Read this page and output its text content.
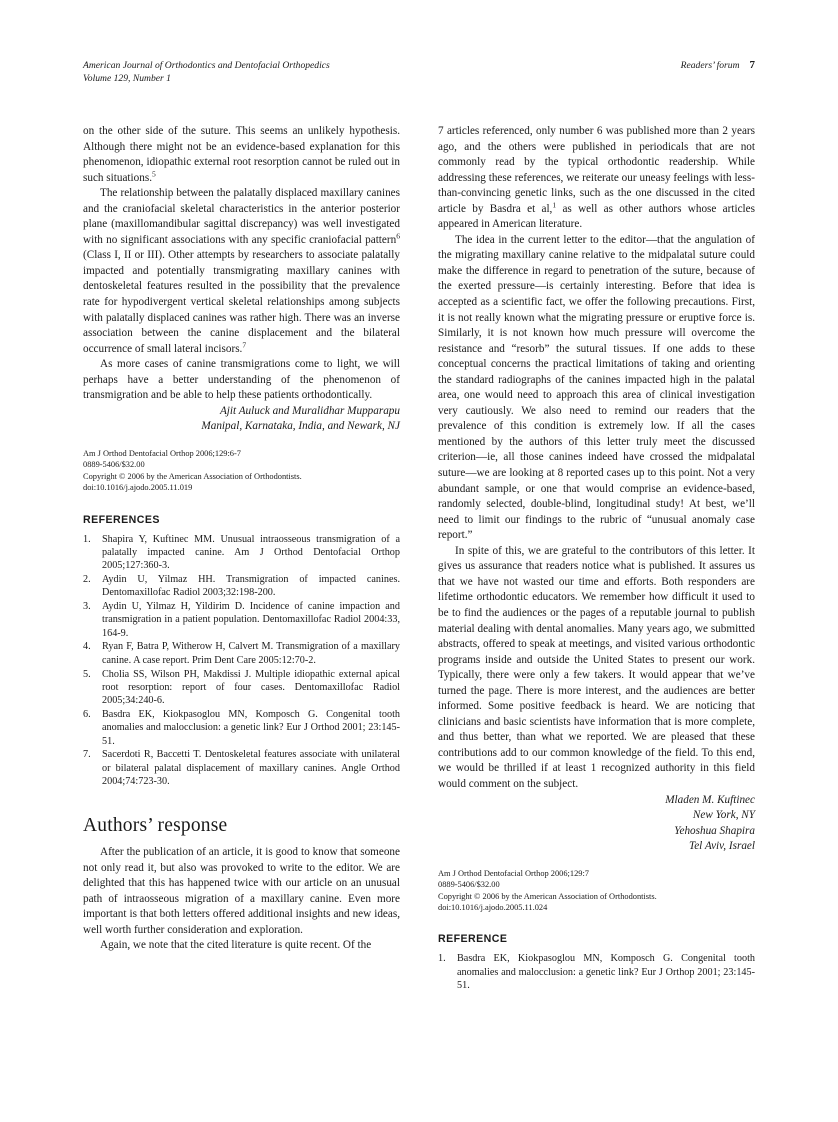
American Journal of Orthodontics and Dentofacial Orthopedics	Readers’ forum 7
Volume 129, Number 1

on the other side of the suture. This seems an unlikely hypothesis. Although there might not be an evidence-based explanation for this phenomenon, idiopathic external root resorption cannot be ruled out in such situations.$^5$

The relationship between the palatally displaced maxillary canines and the craniofacial skeletal characteristics in the anterior posterior plane (maxillomandibular sagittal discrepancy) was well investigated with no significant associations with any specific craniofacial pattern$^6$ (Class I, II or III). Other attempts by researchers to associate palatally impacted and potentially transmigrating maxillary canines with dentoskeletal features resulted in the possibility that the prevalence rate for hypodivergent vertical skeletal relationships among subjects with palatally displaced canines was rather high. There was an inverse association between the canine displacement and the bilateral occurrence of small lateral incisors.$^7$

As more cases of canine transmigrations come to light, we will perhaps have a better understanding of the phenomenon of transmigration and be able to help these patients orthodontically.

Ajit Auluck and Muralidhar Mupparapu
Manipal, Karnataka, India, and Newark, NJ
Am J Orthod Dentofacial Orthop 2006;129:6-7
0889-5406/$32.00
Copyright © 2006 by the American Association of Orthodontists.
doi:10.1016/j.ajodo.2005.11.019
REFERENCES
1.	Shapira Y, Kuftinec MM. Unusual intraosseous transmigration of a palatally impacted canine. Am J Orthod Dentofacial Orthop 2005;127:360-3.
2.	Aydin U, Yilmaz HH. Transmigration of impacted canines. Dentomaxillofac Radiol 2003;32:198-200.
3.	Aydin U, Yilmaz H, Yildirim D. Incidence of canine impaction and transmigration in a patient population. Dentomaxillofac Radiol 2004:33, 164-9.
4.	Ryan F, Batra P, Witherow H, Calvert M. Transmigration of a maxillary canine. A case report. Prim Dent Care 2005:12:70-2.
5.	Cholia SS, Wilson PH, Makdissi J. Multiple idiopathic external apical root resorption: report of four cases. Dentomaxillofac Radiol 2005;34:240-6.
6.	Basdra EK, Kiokpasoglou MN, Komposch G. Congenital tooth anomalies and malocclusion: a genetic link? Eur J Orthod 2001; 23:145-51.
7.	Sacerdoti R, Baccetti T. Dentoskeletal features associate with unilateral or bilateral palatal displacement of maxillary canines. Angle Orthod 2004;74:723-30.
Authors’ response

After the publication of an article, it is good to know that someone not only read it, but also was provoked to write to the editor. We are delighted that this has happened twice with our article on an unusual path of intraosseous migration of a maxillary canine. Even more important is that both letters offered additional insights and new ideas, well worth further consideration and exploration.

Again, we note that the cited literature is quite recent. Of the

7 articles referenced, only number 6 was published more than 2 years ago, and the others were published in periodicals that are not commonly read by the typical orthodontic readership. While addressing these references, we reiterate our uneasy feelings with less-than-convincing genetic links, such as the one discussed in the cited article by Basdra et al,$^1$ as well as other authors whose articles appeared in American literature.

The idea in the current letter to the editor—that the angulation of the migrating maxillary canine relative to the midpalatal suture could make the difference in regard to penetration of the suture, because of the exerted pressure—is certainly interesting. Before that idea is accepted as a scientific fact, we offer the following precautions. First, it is not really known what the migrating pressure or eruptive force is. Similarly, it is not known how much pressure will overcome the resistance and “resorb” the sutural tissues. If one adds to these conceptual concerns the practical limitations of taking and orienting the standard radiographs of the canines impacted high in the palatal area, one would need to approach this area of clinical investigation very cautiously. We also need to remind our readers that the prevalence of this condition is extremely low. If all the cases mentioned by the authors of this letter truly meet the discussed criterion—ie, all those canines indeed have crossed the midpalatal suture—we are looking at 8 reported cases up to this point. Not a very abundant sample, or one that would comprise an evidence-based, randomly selected, double-blind, longitudinal study! At best, we’ll need to limit our findings to the rubric of “unusual anomaly case report.”

In spite of this, we are grateful to the contributors of this letter. It gives us assurance that readers notice what is published. It assures us that we have not wasted our time and efforts. Both responders are lifetime orthodontic educators. We remember how difficult it used to be to find the audiences or the pages of a reputable journal to publish material dealing with dental anomalies. Many years ago, we submitted abstracts, offered to speak at meetings, and visited various orthodontic programs inside and outside the United States to present our work. Typically, there were only a few takers. It would appear that we’ve turned the page. There is more interest, and the audiences are better informed. Some positive feedback is heard. We are noticing that clinicians and basic scientists have information that is more complete, and thus better, than what we reported. We are pleased that these contributions add to our common knowledge of the field. To this end, we would be thrilled if at least 1 recognized authority in this field would comment on the subject.

Mladen M. Kuftinec
New York, NY
Yehoshua Shapira
Tel Aviv, Israel
Am J Orthod Dentofacial Orthop 2006;129:7
0889-5406/$32.00
Copyright © 2006 by the American Association of Orthodontists.
doi:10.1016/j.ajodo.2005.11.024
REFERENCE
1.	Basdra EK, Kiokpasoglou MN, Komposch G. Congenital tooth anomalies and malocclusion: a genetic link? Eur J Orthop 2001; 23:145-51.
